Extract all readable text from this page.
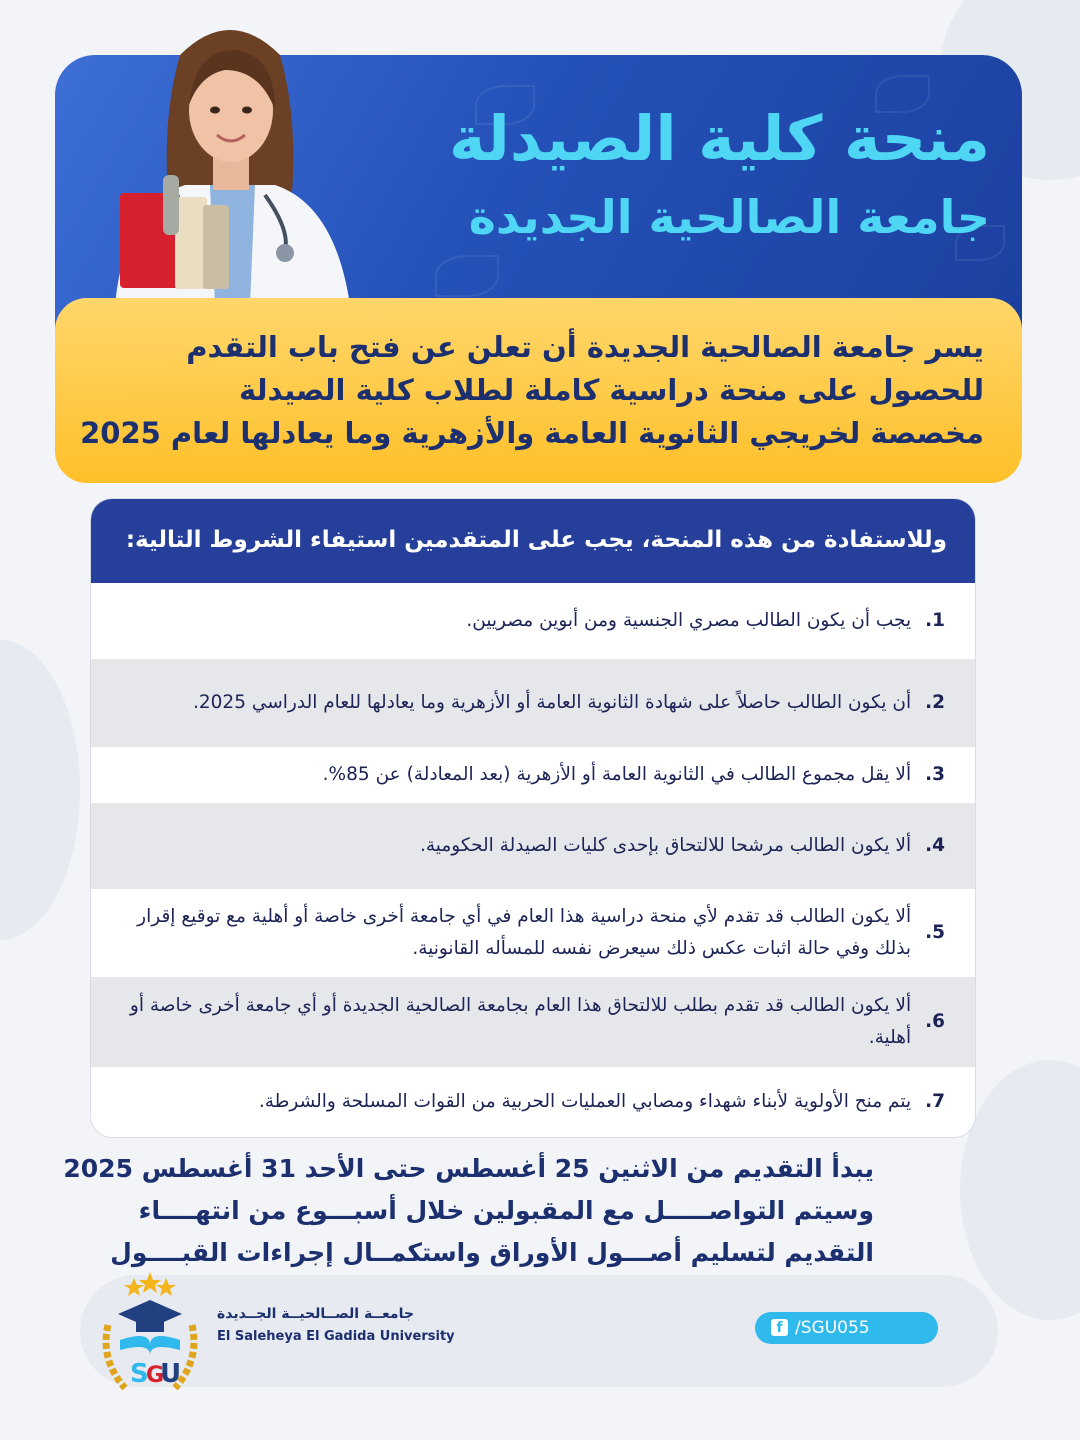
منحة كلية الصيدلة
جامعة الصالحية الجديدة
يسر جامعة الصالحية الجديدة أن تعلن عن فتح باب التقدم
للحصول على منحة دراسية كاملة لطلاب كلية الصيدلة
مخصصة لخريجي الثانوية العامة والأزهرية وما يعادلها لعام 2025
وللاستفادة من هذه المنحة، يجب على المتقدمين استيفاء الشروط التالية:
1.
يجب أن يكون الطالب مصري الجنسية ومن أبوين مصريين.
2.
أن يكون الطالب حاصلاً على شهادة الثانوية العامة أو الأزهرية وما يعادلها للعام الدراسي 2025.
3.
ألا يقل مجموع الطالب في الثانوية العامة أو الأزهرية (بعد المعادلة) عن 85%.
4.
ألا يكون الطالب مرشحا للالتحاق بإحدى كليات الصيدلة الحكومية.
5.
ألا يكون الطالب قد تقدم لأي منحة دراسية هذا العام في أي جامعة أخرى خاصة أو أهلية مع توقيع إقرار بذلك وفي حالة اثبات عكس ذلك سيعرض نفسه للمسأله القانونية.
6.
ألا يكون الطالب قد تقدم بطلب للالتحاق هذا العام بجامعة الصالحية الجديدة أو أي جامعة أخرى خاصة أو أهلية.
7.
يتم منح الأولوية لأبناء شهداء ومصابي العمليات الحربية من القوات المسلحة والشرطة.
يبدأ التقديم من الاثنين 25 أغسطس حتى الأحد 31 أغسطس 2025
وسيتم التواصـــــل مع المقبولين خلال أسبـــوع من انتهــــاء
التقديم لتسليم أصـــول الأوراق واستكمــال إجراءات القبــــول
S
G
U
جامعــة الصــالحيــة الجــديدة
El Saleheya El Gadida University
f /SGU055
